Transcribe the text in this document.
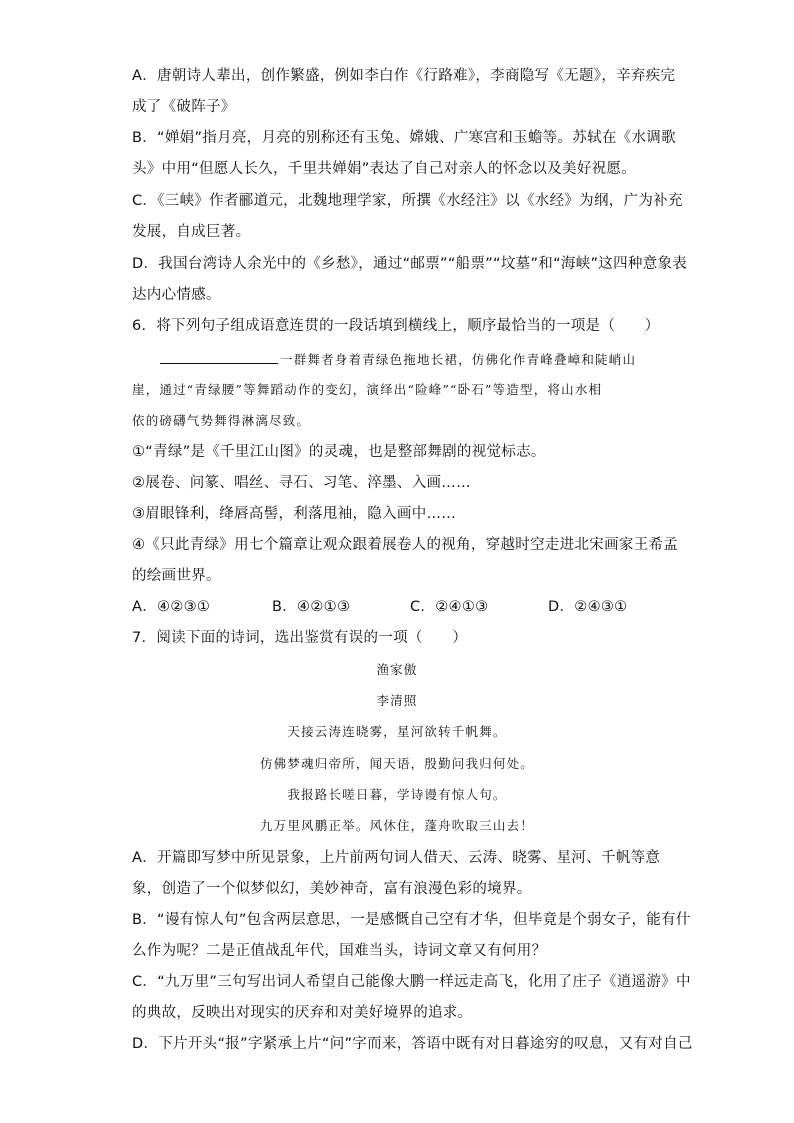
A．唐朝诗人辈出，创作繁盛，例如李白作《行路难》，李商隐写《无题》，辛弃疾完
成了《破阵子》
B．“婵娟”指月亮，月亮的别称还有玉兔、嫦娥、广寒宫和玉蟾等。苏轼在《水调歌
头》中用“但愿人长久，千里共婵娟”表达了自己对亲人的怀念以及美好祝愿。
C．《三峡》作者郦道元，北魏地理学家，所撰《水经注》以《水经》为纲，广为补充
发展，自成巨著。
D．我国台湾诗人余光中的《乡愁》，通过“邮票”“船票”“坟墓”和“海峡”这四种意象表
达内心情感。
6．将下列句子组成语意连贯的一段话填到横线上，顺序最恰当的一项是（　　）
一群舞者身着青绿色拖地长裙，仿佛化作青峰叠嶂和陡峭山
崖，通过“青绿腰”等舞蹈动作的变幻，演绎出“险峰”“卧石”等造型，将山水相
依的磅礴气势舞得淋漓尽致。
①“青绿”是《千里江山图》的灵魂，也是整部舞剧的视觉标志。
②展卷、问篆、唱丝、寻石、习笔、淬墨、入画……
③眉眼锋利，绛唇高髻，利落甩袖，隐入画中……
④《只此青绿》用七个篇章让观众跟着展卷人的视角，穿越时空走进北宋画家王希孟
的绘画世界。
A．④②③①	B．④②①③	C．②④①③	D．②④③①
7．阅读下面的诗词，选出鉴赏有误的一项（　　）
渔家傲
李清照
天接云涛连晓雾，星河欲转千帆舞。
仿佛梦魂归帝所，闻天语，殷勤问我归何处。
我报路长嗟日暮，学诗谩有惊人句。
九万里风鹏正举。风休住，蓬舟吹取三山去！
A．开篇即写梦中所见景象，上片前两句词人借天、云涛、晓雾、星河、千帆等意
象，创造了一个似梦似幻，美妙神奇，富有浪漫色彩的境界。
B．“谩有惊人句”包含两层意思，一是感慨自己空有才华，但毕竟是个弱女子，能有什
么作为呢？二是正值战乱年代，国难当头，诗词文章又有何用？
C．“九万里”三句写出词人希望自己能像大鹏一样远走高飞，化用了庄子《逍遥游》中
的典故，反映出对现实的厌弃和对美好境界的追求。
D．下片开头“报”字紧承上片“问”字而来，答语中既有对日暮途穷的叹息，又有对自己
